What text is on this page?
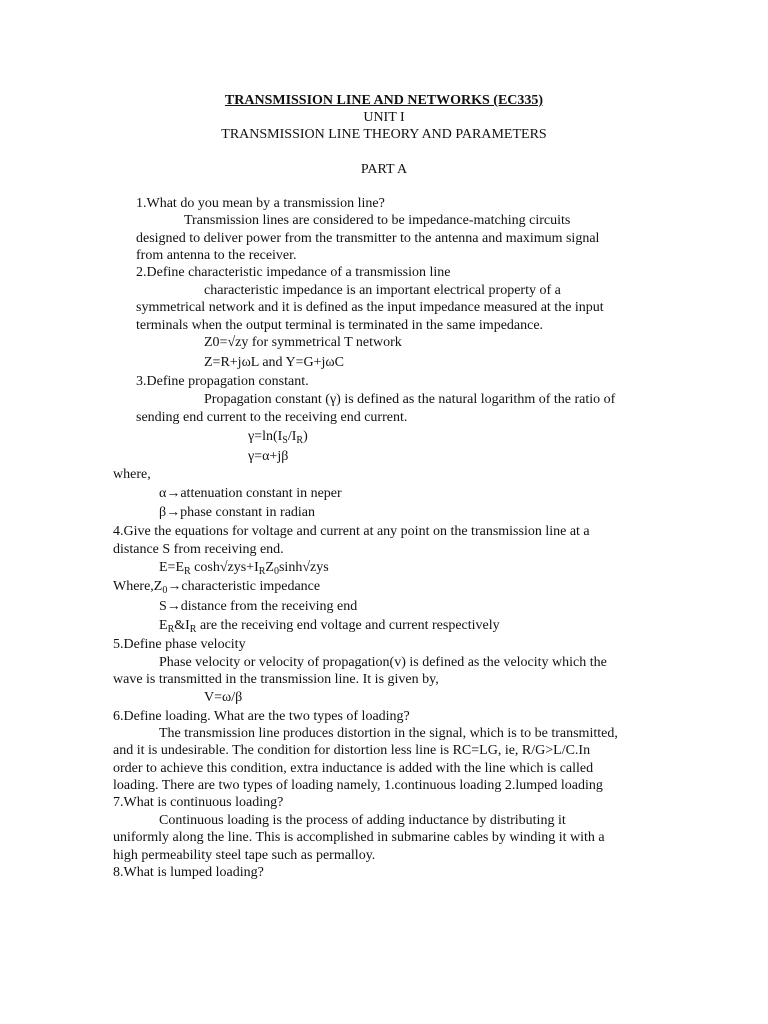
TRANSMISSION LINE AND NETWORKS (EC335)
UNIT I
TRANSMISSION LINE THEORY AND PARAMETERS
PART A
1.What do you mean by a transmission line?
Transmission lines are considered to be impedance-matching circuits
designed to deliver power from the transmitter to the antenna and maximum signal
from antenna to the receiver.
2.Define characteristic impedance of a transmission line
characteristic impedance is an important electrical property of a
symmetrical network and it is defined as the input impedance measured at the input
terminals when the output terminal is terminated in the same impedance.
Z0=√zy for symmetrical T network
Z=R+jωL and Y=G+jωC
3.Define propagation constant.
Propagation constant (γ) is defined as the natural logarithm of the ratio of
sending end current to the receiving end current.
$\gamma=\ln(I_S/I_R)$
γ=α+jβ
where,
α→attenuation constant in neper
β→phase constant in radian
4.Give the equations for voltage and current at any point on the transmission line at a
distance S from receiving end.
$E=E_R$ $\cosh√zys+I_RZ_0\sinh√zys$
$Where,Z_0\to characteristic$ impedance
S→distance from the receiving end
$E_R\&I_R$ are the receiving end voltage and current respectively
5.Define phase velocity
Phase velocity or velocity of propagation(v) is defined as the velocity which the
wave is transmitted in the transmission line. It is given by,
V=ω/β
6.Define loading. What are the two types of loading?
The transmission line produces distortion in the signal, which is to be transmitted,
and it is undesirable. The condition for distortion less line is RC=LG, ie, R/G>L/C.In
order to achieve this condition, extra inductance is added with the line which is called
loading. There are two types of loading namely, 1.continuous loading 2.lumped loading
7.What is continuous loading?
Continuous loading is the process of adding inductance by distributing it
uniformly along the line. This is accomplished in submarine cables by winding it with a
high permeability steel tape such as permalloy.
8.What is lumped loading?
